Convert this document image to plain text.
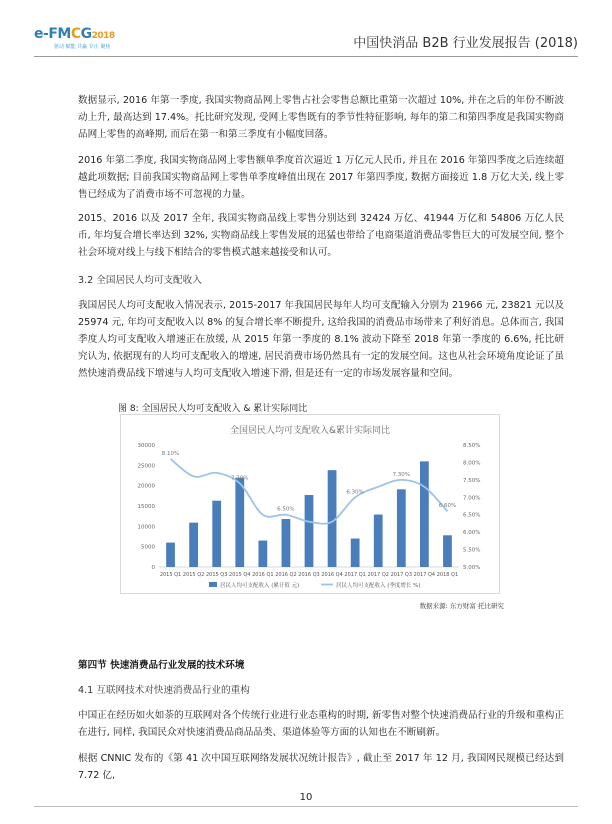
e-FMCG2018
驱动 赋能 共赢 专注 聚焦	中国快消品 B2B 行业发展报告 (2018)
数据显示, 2016 年第一季度, 我国实物商品网上零售占社会零售总额比重第一次超过 10%, 并在之后的年份不断波动上升, 最高达到 17.4%。托比研究发现, 受网上零售既有的季节性特征影响, 每年的第二和第四季度是我国实物商品网上零售的高峰期, 而后在第一和第三季度有小幅度回落。
2016 年第二季度, 我国实物商品网上零售额单季度首次逼近 1 万亿元人民币, 并且在 2016 年第四季度之后连续超越此项数据; 目前我国实物商品网上零售单季度峰值出现在 2017 年第四季度, 数据方面接近 1.8 万亿大关, 线上零售已经成为了消费市场不可忽视的力量。
2015、2016 以及 2017 全年, 我国实物商品线上零售分别达到 32424 万亿、41944 万亿和 54806 万亿人民币, 年均复合增长率达到 32%, 实物商品线上零售发展的迅猛也带给了电商渠道消费品零售巨大的可发展空间, 整个社会环境对线上与线下相结合的零售模式越来越接受和认可。
3.2 全国居民人均可支配收入
我国居民人均可支配收入情况表示, 2015-2017 年我国居民每年人均可支配输入分别为 21966 元, 23821 元以及 25974 元, 年均可支配收入以 8% 的复合增长率不断提升, 这给我国的消费品市场带来了利好消息。总体而言, 我国季度人均可支配收入增速正在放缓, 从 2015 年第一季度的 8.1% 波动下降至 2018 年第一季度的 6.6%, 托比研究认为, 依据现有的人均可支配收入的增速, 居民消费市场仍然具有一定的发展空间。这也从社会环境角度论证了虽然快速消费品线下增速与人均可支配收入增速下滑, 但是还有一定的市场发展容量和空间。
图 8: 全国居民人均可支配收入 & 累计实际同比
全国居民人均可支配收入&累计实际同比
0
5000
10000
15000
20000
25000
30000
5.00%
5.50%
6.00%
6.50%
7.00%
7.50%
8.00%
8.50%
2015 Q1 2015 Q2 2015 Q3 2015 Q4 2016 Q1 2016 Q2 2016 Q3 2016 Q4 2017 Q1 2017 Q2 2017 Q3 2017 Q4 2018 Q1
8.10%
7.70%
6.50%
6.30%
7.30%
6.60%
居民人均可支配收入 (累计值 元)	居民人均可支配收入 (季度增长 %)
数据来源: 东方财富 托比研究
第四节 快速消费品行业发展的技术环境
4.1 互联网技术对快速消费品行业的重构
中国正在经历如火如荼的互联网对各个传统行业进行业态重构的时期, 新零售对整个快速消费品行业的升级和重构正在进行, 同样, 我国民众对快速消费品商品品类、渠道体验等方面的认知也在不断刷新。
根据 CNNIC 发布的《第 41 次中国互联网络发展状况统计报告》, 截止至 2017 年 12 月, 我国网民规模已经达到 7.72 亿,
10
